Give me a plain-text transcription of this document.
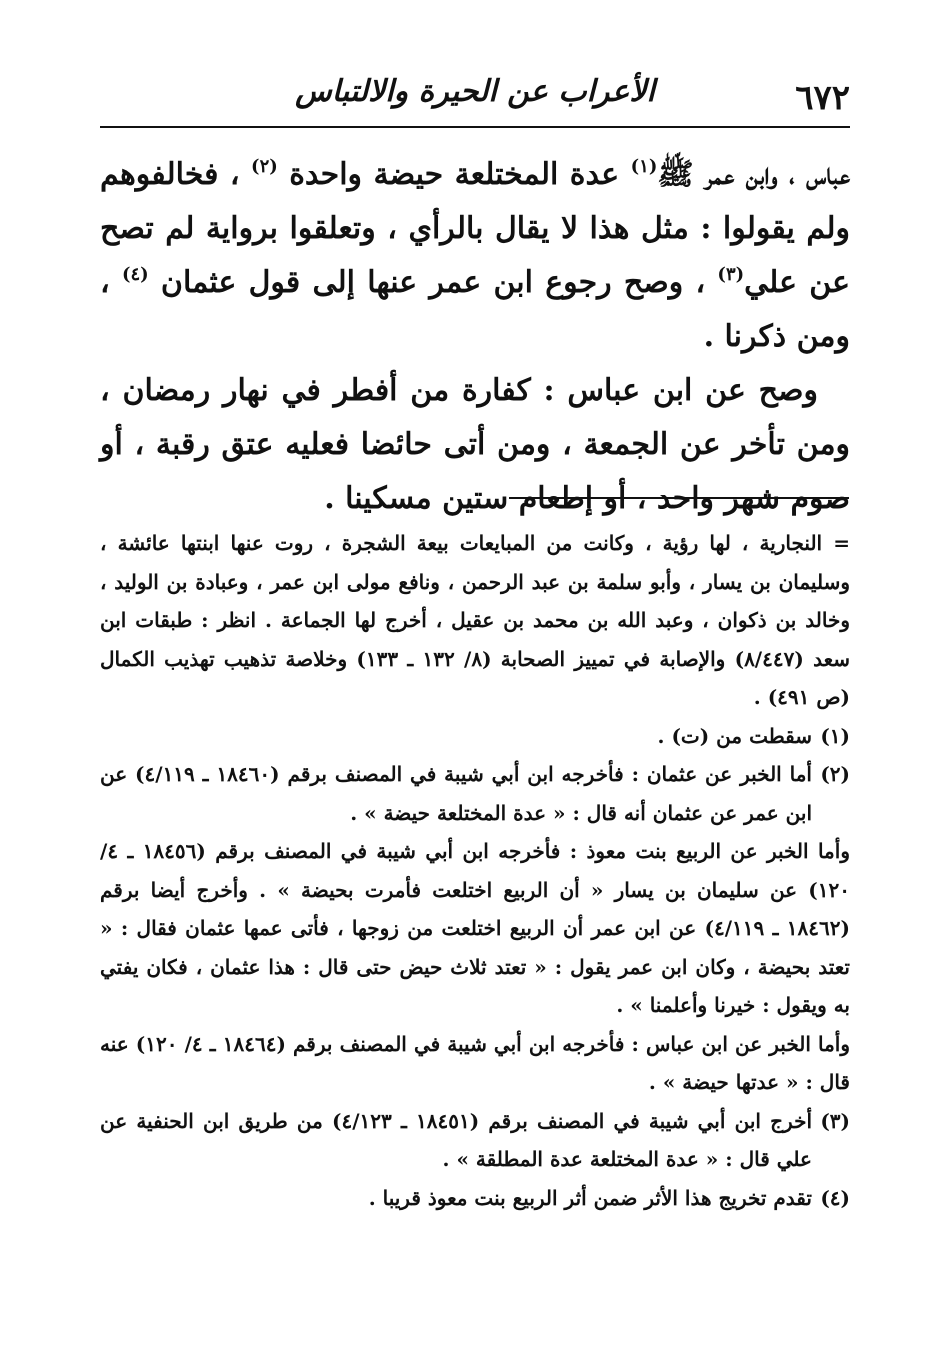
٦٧٢
الأعراب عن الحيرة والالتباس

عباس ، وابن عمر ﷺ$^{(١)}$ عدة المختلعة حيضة واحدة $^{(٢)}$ ، فخالفوهم ولم يقولوا : مثل هذا لا يقال بالرأي ، وتعلقوا برواية لم تصح عن علي$^{(٣)}$ ، وصح رجوع ابن عمر عنها إلى قول عثمان $^{(٤)}$ ، ومن ذكرنا .

وصح عن ابن عباس : كفارة من أفطر في نهار رمضان ، ومن تأخر عن الجمعة ، ومن أتى حائضا فعليه عتق رقبة ، أو صوم شهر واحد ، أو إطعام ستين مسكينا .

= النجارية ، لها رؤية ، وكانت من المبايعات بيعة الشجرة ، روت عنها ابنتها عائشة ، وسليمان بن يسار ، وأبو سلمة بن عبد الرحمن ، ونافع مولى ابن عمر ، وعبادة بن الوليد ، وخالد بن ذكوان ، وعبد الله بن محمد بن عقيل ، أخرج لها الجماعة . انظر : طبقات ابن سعد (٨/٤٤٧) والإصابة في تمييز الصحابة (٨/ ١٣٢ ـ ١٣٣) وخلاصة تذهيب تهذيب الكمال (ص ٤٩١) .

(١)

سقطت من (ت) .

(٢)

أما الخبر عن عثمان : فأخرجه ابن أبي شيبة في المصنف برقم (١٨٤٦٠ ـ ٤/١١٩) عن ابن عمر عن عثمان أنه قال : « عدة المختلعة حيضة » .

وأما الخبر عن الربيع بنت معوذ : فأخرجه ابن أبي شيبة في المصنف برقم (١٨٤٥٦ ـ ٤/ ١٢٠) عن سليمان بن يسار « أن الربيع اختلعت فأمرت بحيضة » . وأخرج أيضا برقم (١٨٤٦٢ ـ ٤/١١٩) عن ابن عمر أن الربيع اختلعت من زوجها ، فأتى عمها عثمان فقال : « تعتد بحيضة ، وكان ابن عمر يقول : « تعتد ثلاث حيض حتى قال : هذا عثمان ، فكان يفتي به ويقول : خيرنا وأعلمنا » .

وأما الخبر عن ابن عباس : فأخرجه ابن أبي شيبة في المصنف برقم (١٨٤٦٤ ـ ٤/ ١٢٠) عنه قال : « عدتها حيضة » .

(٣)

أخرج ابن أبي شيبة في المصنف برقم (١٨٤٥١ ـ ٤/١٢٣) من طريق ابن الحنفية عن علي قال : « عدة المختلعة عدة المطلقة » .

(٤)

تقدم تخريج هذا الأثر ضمن أثر الربيع بنت معوذ قريبا .
